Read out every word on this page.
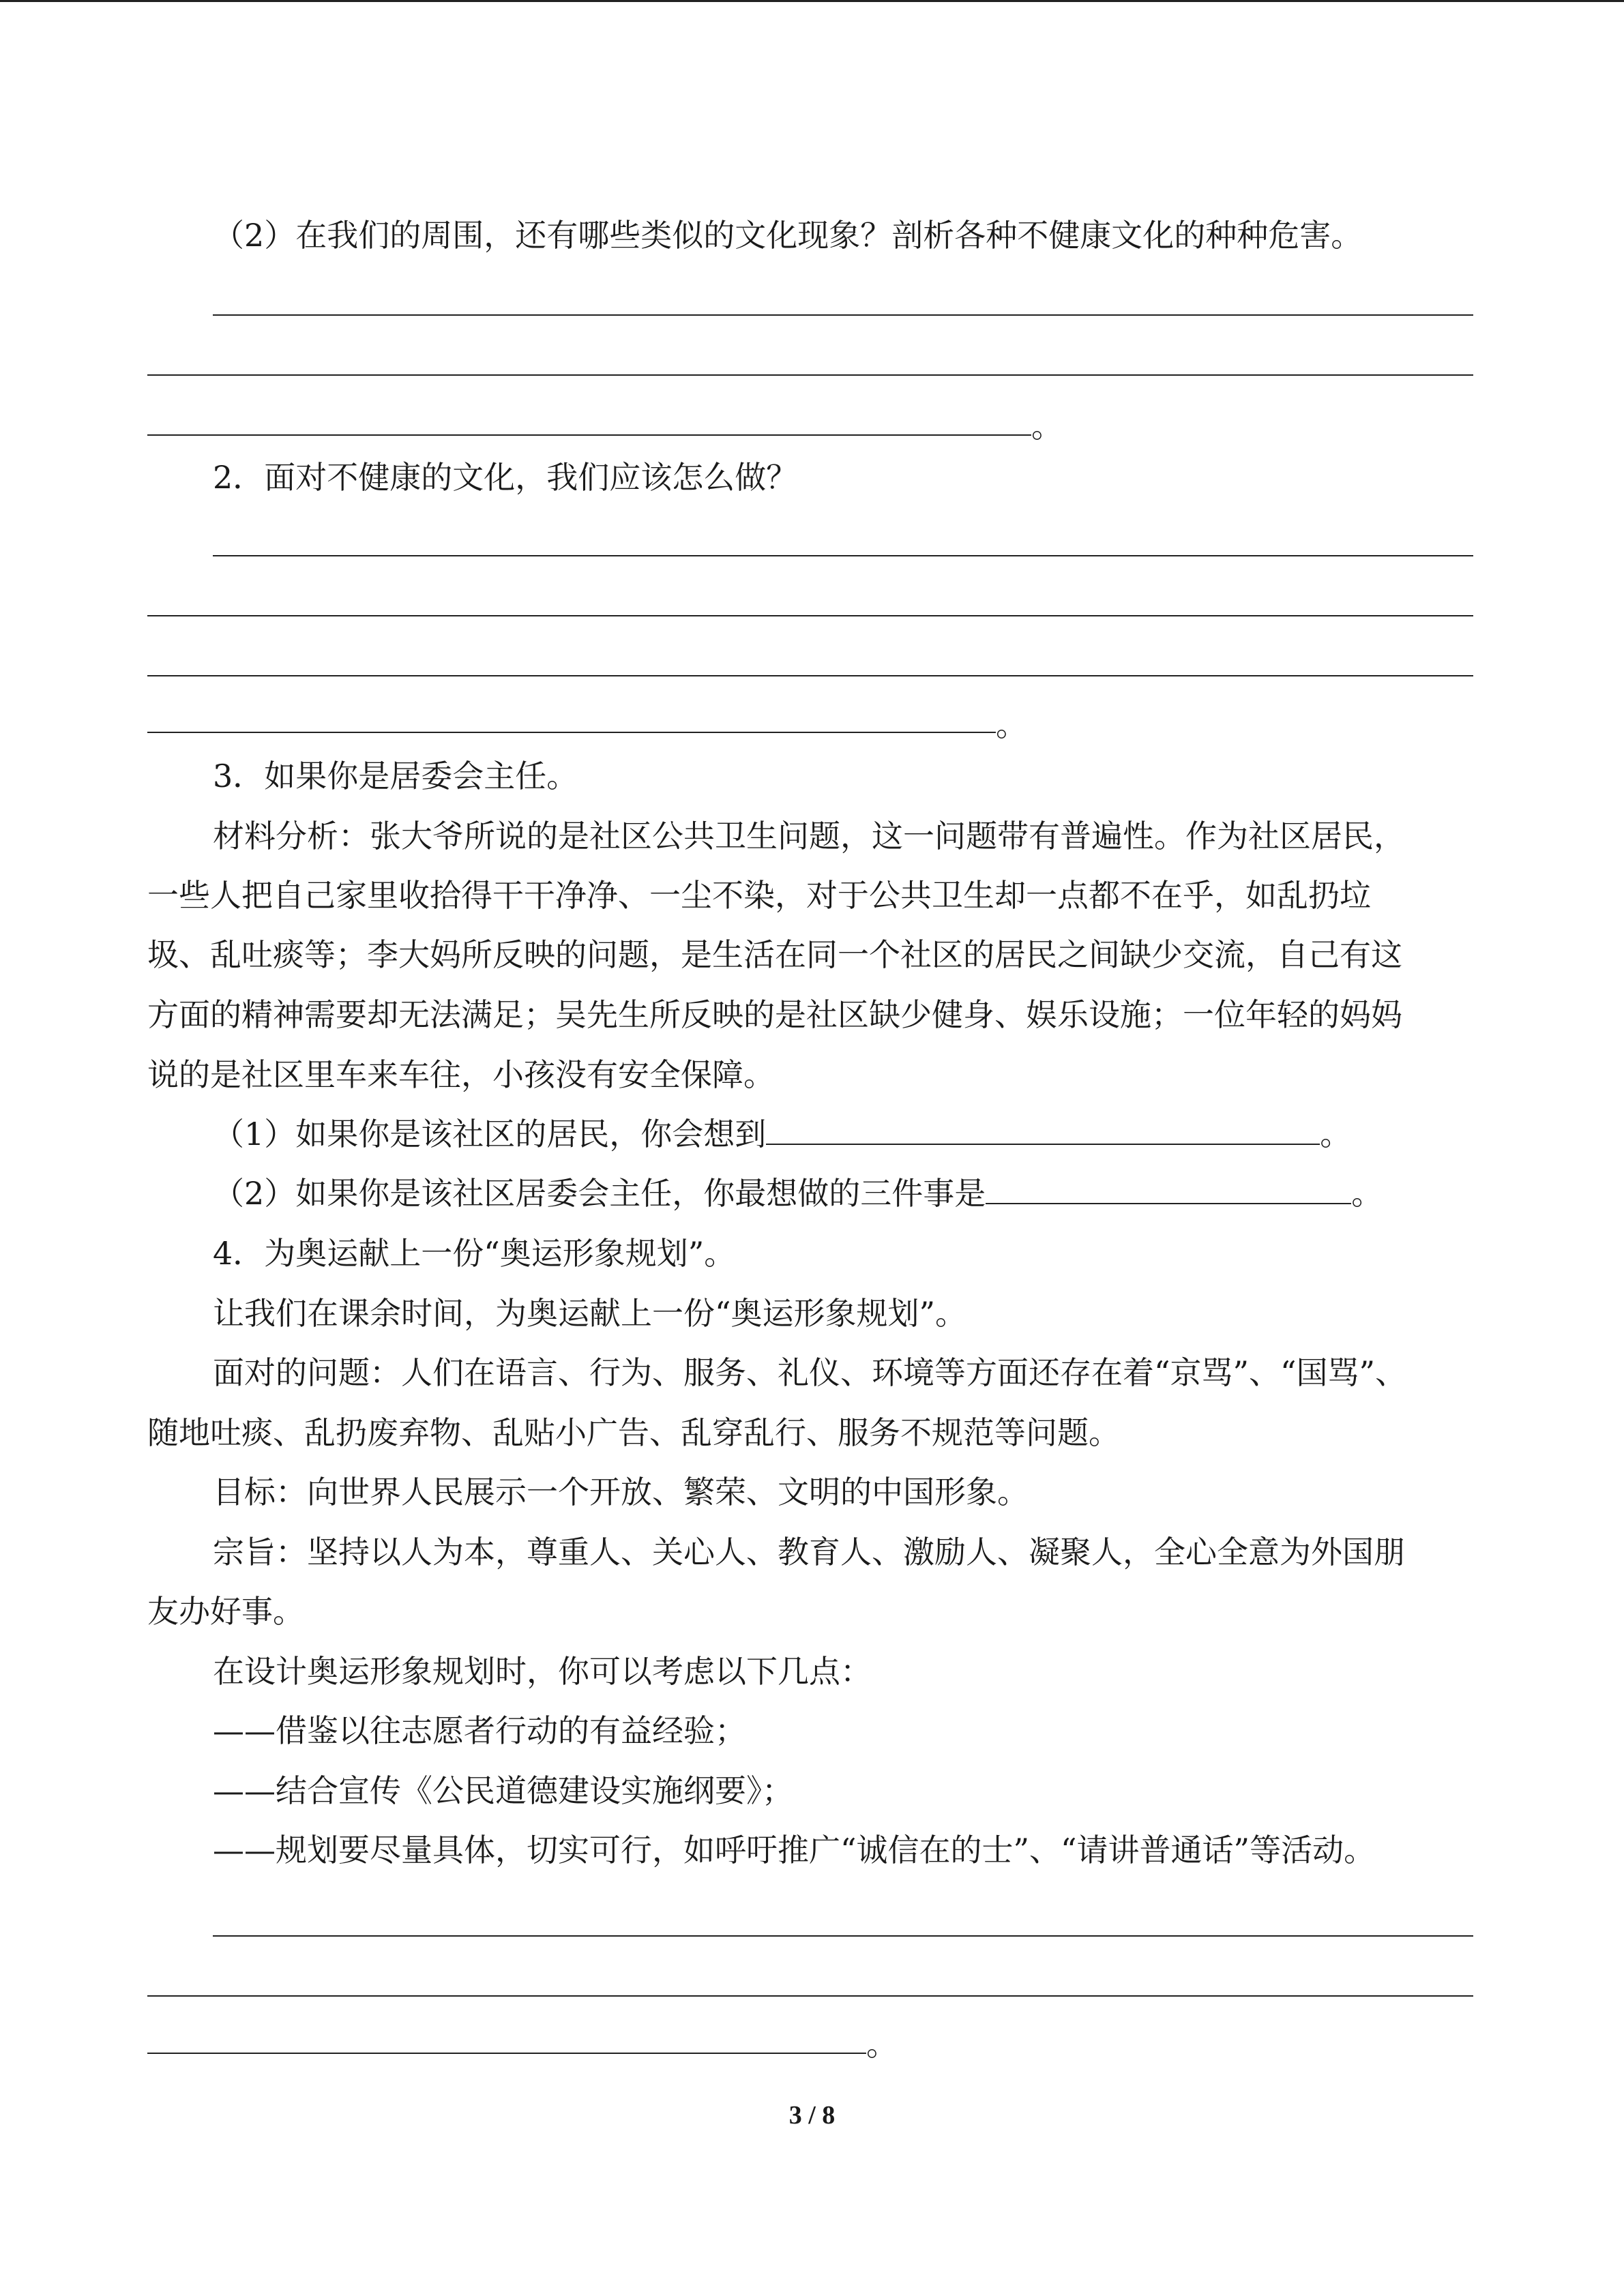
（2）在我们的周围，还有哪些类似的文化现象？剖析各种不健康文化的种种危害。
。
2．面对不健康的文化，我们应该怎么做？
。
3．如果你是居委会主任。
材料分析：张大爷所说的是社区公共卫生问题，这一问题带有普遍性。作为社区居民，
一些人把自己家里收拾得干干净净、一尘不染，对于公共卫生却一点都不在乎，如乱扔垃
圾、乱吐痰等；李大妈所反映的问题，是生活在同一个社区的居民之间缺少交流，自己有这
方面的精神需要却无法满足；吴先生所反映的是社区缺少健身、娱乐设施；一位年轻的妈妈
说的是社区里车来车往，小孩没有安全保障。
（1）如果你是该社区的居民，你会想到	。
（2）如果你是该社区居委会主任，你最想做的三件事是	。
4．为奥运献上一份“奥运形象规划”。
让我们在课余时间，为奥运献上一份“奥运形象规划”。
面对的问题：人们在语言、行为、服务、礼仪、环境等方面还存在着“京骂”、“国骂”、
随地吐痰、乱扔废弃物、乱贴小广告、乱穿乱行、服务不规范等问题。
目标：向世界人民展示一个开放、繁荣、文明的中国形象。
宗旨：坚持以人为本，尊重人、关心人、教育人、激励人、凝聚人，全心全意为外国朋
友办好事。
在设计奥运形象规划时，你可以考虑以下几点：
——借鉴以往志愿者行动的有益经验；
——结合宣传《公民道德建设实施纲要》；
——规划要尽量具体，切实可行，如呼吁推广“诚信在的士”、“请讲普通话”等活动。
。
3 / 8
